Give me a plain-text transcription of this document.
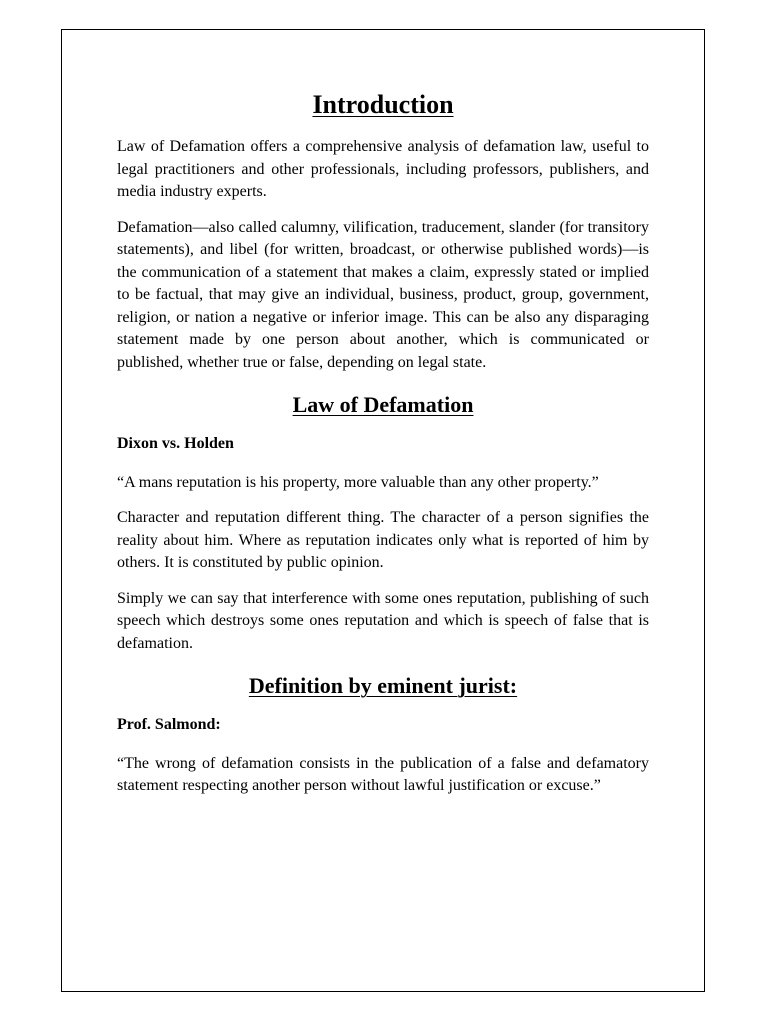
Introduction

Law of Defamation offers a comprehensive analysis of defamation law, useful to legal practitioners and other professionals, including professors, publishers, and media industry experts.

Defamation—also called calumny, vilification, traducement, slander (for transitory statements), and libel (for written, broadcast, or otherwise published words)—is the communication of a statement that makes a claim, expressly stated or implied to be factual, that may give an individual, business, product, group, government, religion, or nation a negative or inferior image. This can be also any disparaging statement made by one person about another, which is communicated or published, whether true or false, depending on legal state.

Law of Defamation

Dixon vs. Holden

“A mans reputation is his property, more valuable than any other property.”

Character and reputation different thing. The character of a person signifies the reality about him. Where as reputation indicates only what is reported of him by others. It is constituted by public opinion.

Simply we can say that interference with some ones reputation, publishing of such speech which destroys some ones reputation and which is speech of false that is defamation.

Definition by eminent jurist:

Prof. Salmond:

“The wrong of defamation consists in the publication of a false and defamatory statement respecting another person without lawful justification or excuse.”
